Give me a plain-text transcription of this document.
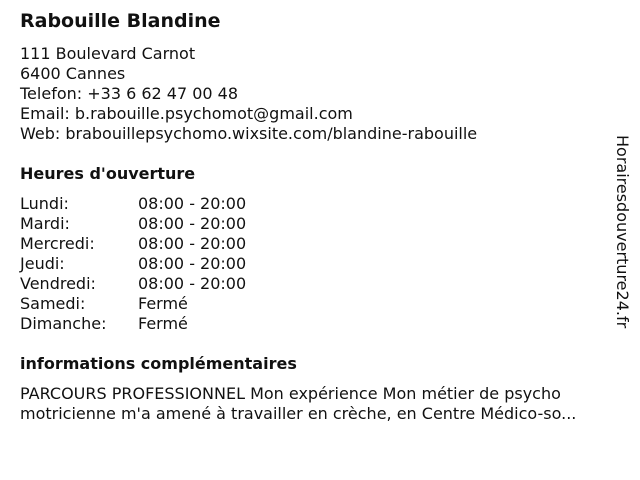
Rabouille Blandine
111 Boulevard Carnot
6400 Cannes
Telefon: +33 6 62 47 00 48
Email: b.rabouille.psychomot@gmail.com
Web: brabouillepsychomo.wixsite.com/blandine-rabouille
Heures d'ouverture
Lundi:	08:00 - 20:00
Mardi:	08:00 - 20:00
Mercredi:	08:00 - 20:00
Jeudi:	08:00 - 20:00
Vendredi:	08:00 - 20:00
Samedi:	Fermé
Dimanche: Fermé
informations complémentaires
PARCOURS PROFESSIONNEL Mon expérience Mon métier de psycho
motricienne m'a amené à travailler en crèche, en Centre Médico-so...
Horairesdouverture24.fr
